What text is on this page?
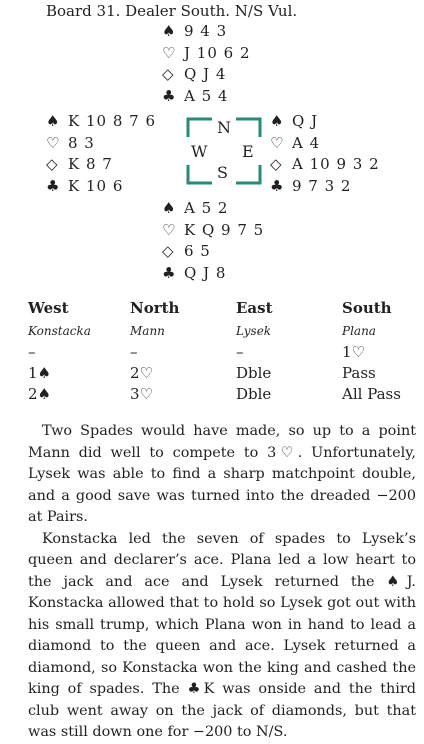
Board 31. Dealer South. N/S Vul.
♠ 9 4 3
♡ J 10 6 2
◇ Q J 4
♣ A 5 4
♠ K 10 8 7 6
♡ 8 3
◇ K 8 7
♣ K 10 6
N
W E
S
♠ Q J
♡ A 4
◇ A 10 9 3 2
♣ 9 7 3 2
♠ A 5 2
♡ K Q 9 7 5
◇ 6 5
♣ Q J 8
West
Konstacka
–
1♠
2♠
North
Mann
–
2♡
3♡
East
Lysek
–
Dble
Dble
South
Plana
1♡
Pass
All Pass

Two Spades would have made, so up to a point Mann did well to compete to 3♡. Unfortunately, Lysek was able to find a sharp matchpoint double, and a good save was turned into the dreaded −200 at Pairs.

Konstacka led the seven of spades to Lysek’s queen and declarer’s ace. Plana led a low heart to the jack and ace and Lysek returned the ♠J. Konstacka allowed that to hold so Lysek got out with his small trump, which Plana won in hand to lead a diamond to the queen and ace. Lysek returned a diamond, so Konstacka won the king and cashed the king of spades. The ♣K was onside and the third club went away on the jack of diamonds, but that was still down one for −200 to N/S.
